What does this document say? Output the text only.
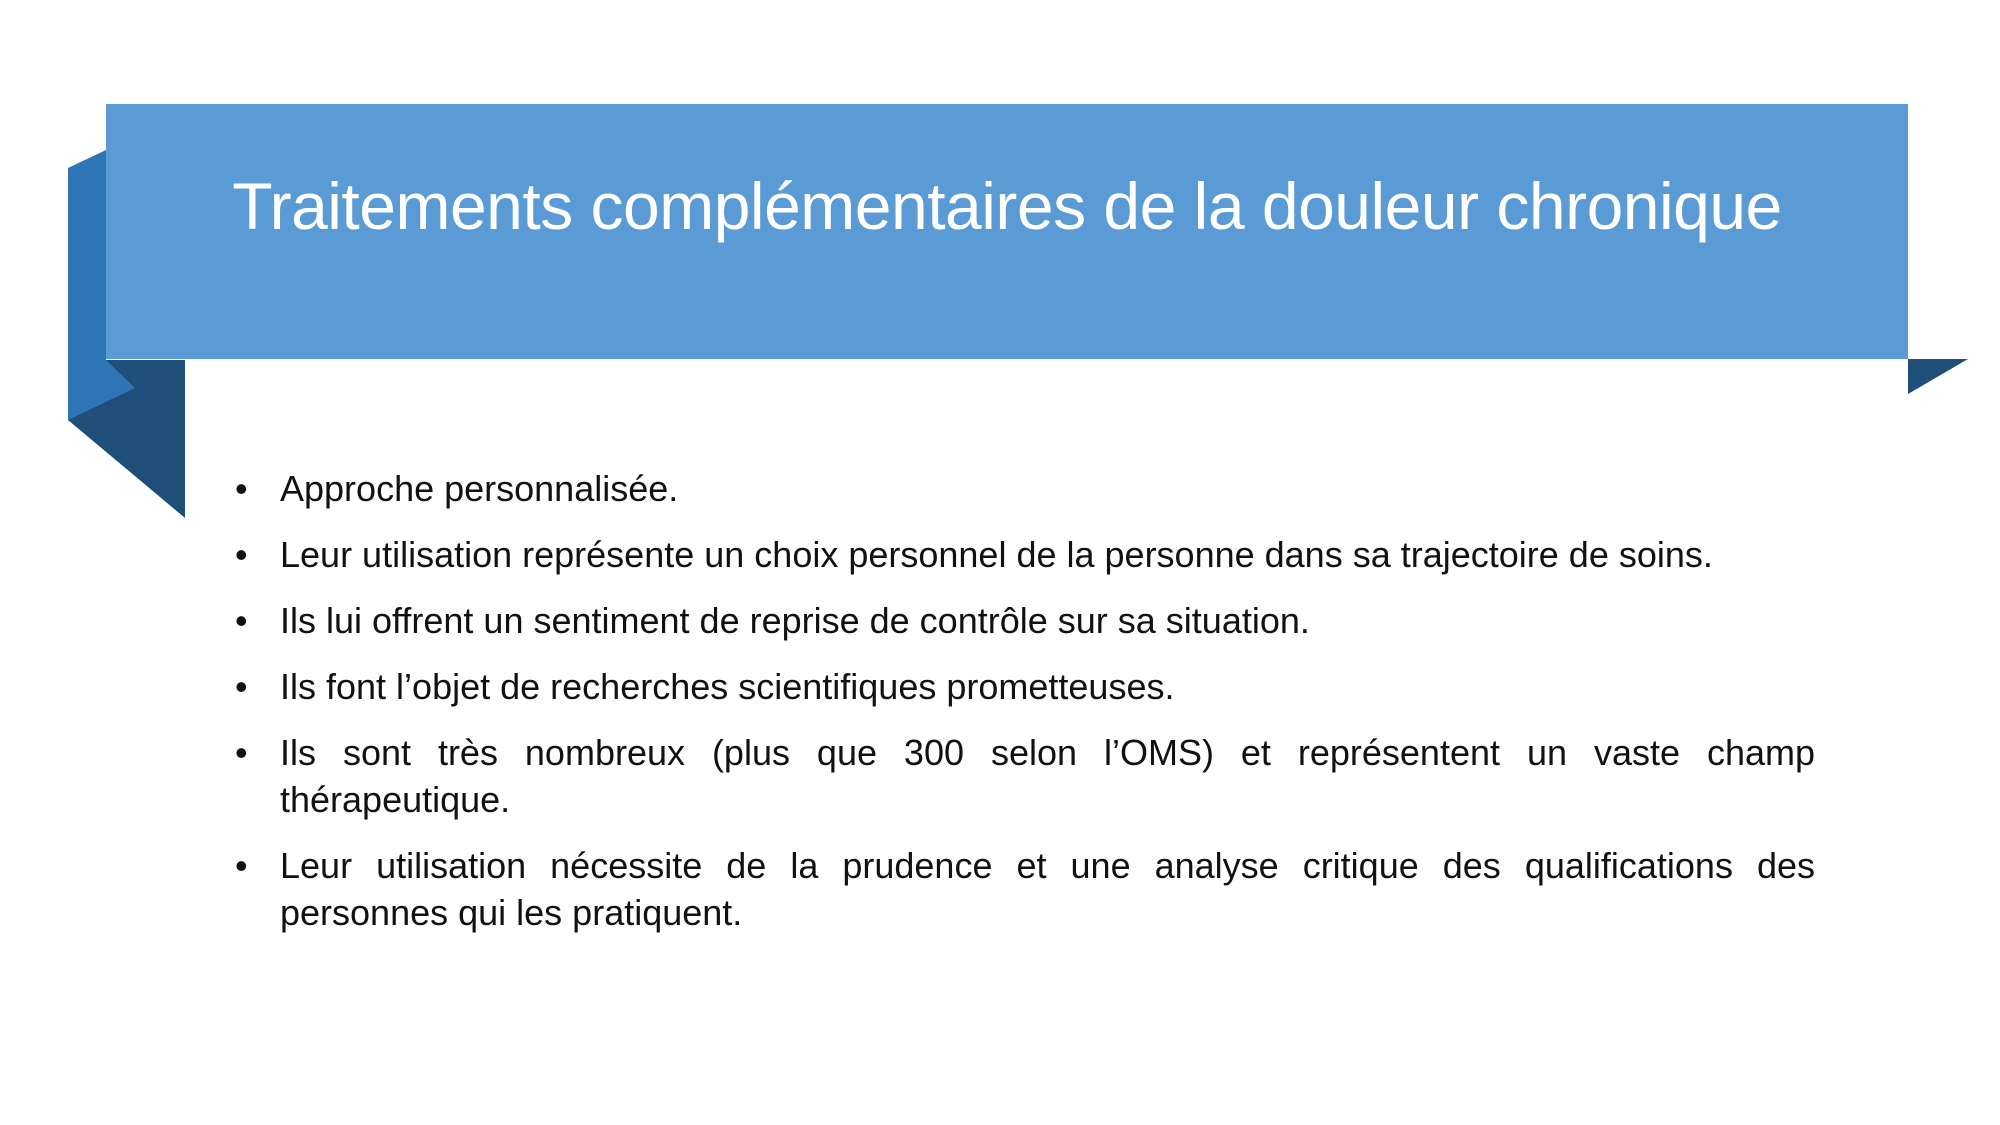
Traitements complémentaires de la douleur chronique
• Approche personnalisée.
• Leur utilisation représente un choix personnel de la personne dans sa trajectoire de soins.
• Ils lui offrent un sentiment de reprise de contrôle sur sa situation.
• Ils font l’objet de recherches scientifiques prometteuses.
• Ils sont très nombreux (plus que 300 selon l’OMS) et représentent un vaste champ thérapeutique.
• Leur utilisation nécessite de la prudence et une analyse critique des qualifications des personnes qui les pratiquent.
